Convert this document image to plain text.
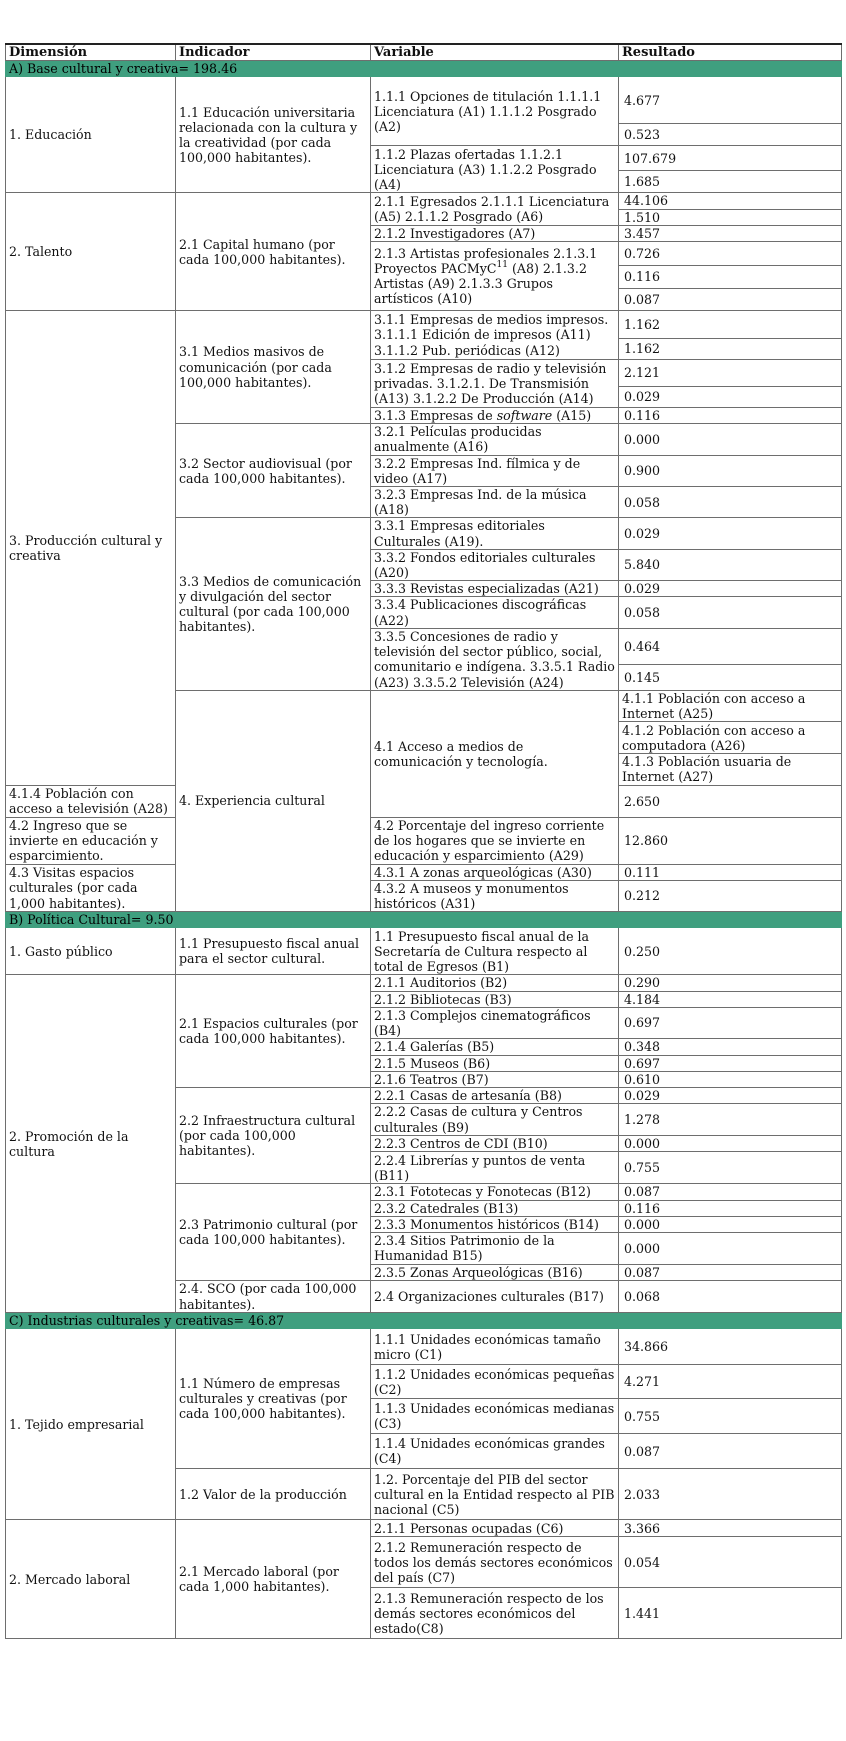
Dimensión	Indicador	Variable	Resultado	
A) Base cultural y creativa= 198.46				
1. Educación	1.1 Educación universitaria relacionada con la cultura y la creatividad (por cada 100,000 habitantes).	1.1.1 Opciones de titulación 1.1.1.1 Licenciatura (A1) 1.1.1.2 Posgrado (A2)	4.677	
			0.523	
		1.1.2 Plazas ofertadas 1.1.2.1 Licenciatura (A3) 1.1.2.2 Posgrado (A4)	107.679	
			1.685	
2. Talento	2.1 Capital humano (por cada 100,000 habitantes).	2.1.1 Egresados 2.1.1.1 Licenciatura (A5) 2.1.1.2 Posgrado (A6)	44.106	
			1.510	
		2.1.2 Investigadores (A7)	3.457	
		2.1.3 Artistas profesionales 2.1.3.1 Proyectos PACMyC$^{11}$ (A8) 2.1.3.2 Artistas (A9) 2.1.3.3 Grupos artísticos (A10)	0.726	
			0.116	
			0.087	
3. Producción cultural y creativa	3.1 Medios masivos de comunicación (por cada 100,000 habitantes).	3.1.1 Empresas de medios impresos. 3.1.1.1 Edición de impresos (A11) 3.1.1.2 Pub. periódicas (A12)	1.162	
			1.162	
		3.1.2 Empresas de radio y televisión privadas. 3.1.2.1. De Transmisión (A13) 3.1.2.2 De Producción (A14)	2.121	
			0.029	
		3.1.3 Empresas de software (A15)	0.116	
	3.2 Sector audiovisual (por cada 100,000 habitantes).	3.2.1 Películas producidas anualmente (A16)	0.000	
		3.2.2 Empresas Ind. fílmica y de video (A17)	0.900	
		3.2.3 Empresas Ind. de la música (A18)	0.058	
	3.3 Medios de comunicación y divulgación del sector cultural (por cada 100,000 habitantes).	3.3.1 Empresas editoriales Culturales (A19).	0.029	
		3.3.2 Fondos editoriales culturales (A20)	5.840	
		3.3.3 Revistas especializadas (A21)	0.029	
		3.3.4 Publicaciones discográficas (A22)	0.058	
		3.3.5 Concesiones de radio y televisión del sector público, social, comunitario e indígena. 3.3.5.1 Radio (A23) 3.3.5.2 Televisión (A24)	0.464	
			0.145	
	4. Experiencia cultural	4.1 Acceso a medios de comunicación y tecnología.	4.1.1 Población con acceso a Internet (A25)	
			4.1.2 Población con acceso a computadora (A26)	
			4.1.3 Población usuaria de Internet (A27)	
4.1.4 Población con acceso a televisión (A28)			2.650	
4.2 Ingreso que se invierte en educación y esparcimiento.		4.2 Porcentaje del ingreso corriente de los hogares que se invierte en educación y esparcimiento (A29)	12.860	
4.3 Visitas espacios culturales (por cada 1,000 habitantes).		4.3.1 A zonas arqueológicas (A30)	0.111	
		4.3.2 A museos y monumentos históricos (A31)	0.212	
B) Política Cultural= 9.50				
1. Gasto público	1.1 Presupuesto fiscal anual para el sector cultural.	1.1 Presupuesto fiscal anual de la Secretaría de Cultura respecto al total de Egresos (B1)	0.250	
2. Promoción de la cultura	2.1 Espacios culturales (por cada 100,000 habitantes).	2.1.1 Auditorios (B2)	0.290	
		2.1.2 Bibliotecas (B3)	4.184	
		2.1.3 Complejos cinematográficos (B4)	0.697	
		2.1.4 Galerías (B5)	0.348	
		2.1.5 Museos (B6)	0.697	
		2.1.6 Teatros (B7)	0.610	
	2.2 Infraestructura cultural (por cada 100,000 habitantes).	2.2.1 Casas de artesanía (B8)	0.029	
		2.2.2 Casas de cultura y Centros culturales (B9)	1.278	
		2.2.3 Centros de CDI (B10)	0.000	
		2.2.4 Librerías y puntos de venta (B11)	0.755	
	2.3 Patrimonio cultural (por cada 100,000 habitantes).	2.3.1 Fototecas y Fonotecas (B12)	0.087	
		2.3.2 Catedrales (B13)	0.116	
		2.3.3 Monumentos históricos (B14)	0.000	
		2.3.4 Sitios Patrimonio de la Humanidad B15)	0.000	
		2.3.5 Zonas Arqueológicas (B16)	0.087	
	2.4. SCO (por cada 100,000 habitantes).	2.4 Organizaciones culturales (B17)	0.068	
C) Industrias culturales y creativas= 46.87				
1. Tejido empresarial	1.1 Número de empresas culturales y creativas (por cada 100,000 habitantes).	1.1.1 Unidades económicas tamaño micro (C1)	34.866	
		1.1.2 Unidades económicas pequeñas (C2)	4.271	
		1.1.3 Unidades económicas medianas (C3)	0.755	
		1.1.4 Unidades económicas grandes (C4)	0.087	
	1.2 Valor de la producción	1.2. Porcentaje del PIB del sector cultural en la Entidad respecto al PIB nacional (C5)	2.033	
2. Mercado laboral	2.1 Mercado laboral (por cada 1,000 habitantes).	2.1.1 Personas ocupadas (C6)	3.366	
		2.1.2 Remuneración respecto de todos los demás sectores económicos del país (C7)	0.054	
		2.1.3 Remuneración respecto de los demás sectores económicos del estado(C8)	1.441	
